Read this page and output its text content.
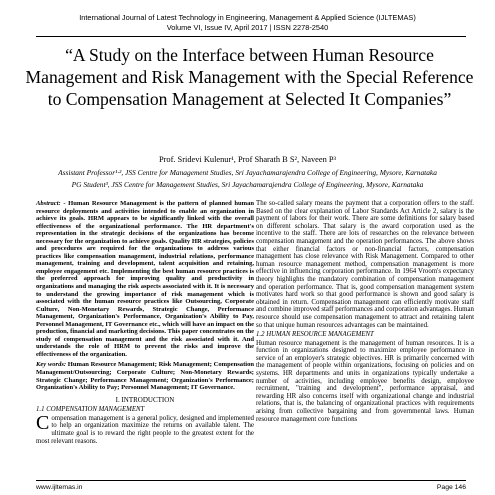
International Journal of Latest Technology in Engineering, Management & Applied Science (IJLTEMAS)
Volume VI, Issue IV, April 2017 | ISSN 2278-2540
“A Study on the Interface between Human Resource Management and Risk Management with the Special Reference to Compensation Management at Selected It Companies”
Prof. Sridevi Kulenur¹, Prof Sharath B S², Naveen P³
Assistant Professor¹·², JSS Centre for Management Studies, Sri Jayachamarajendra College of Engineering, Mysore, Karnataka
PG Student³, JSS Centre for Management Studies, Sri Jayachamarajendra College of Engineering, Mysore, Karnataka

Abstract: - Human Resource Management is the pattern of planned human resource deployments and activities intended to enable an organization in achieve its goals. HRM appears to be significantly linked with the overall effectiveness of the organizational performance. The HR department's representation in the strategic decisions of the organizations has become necessary for the organization to achieve goals. Quality HR strategies, policies and procedures are required for the organizations to address various practices like compensation management, industrial relations, performance management, training and development, talent acquisition and retaining, employee engagement etc. Implementing the best human resource practices is the preferred approach for improving quality and productivity in organizations and managing the risk aspects associated with it. It is necessary to understand the growing importance of risk management which is associated with the human resource practices like Outsourcing, Corporate Culture, Non-Monetary Rewards, Strategic Change, Performance Management, Organization's Performance, Organization's Ability to Pay, Personnel Management, IT Governance etc., which will have an impact on the production, financial and marketing decisions. This paper concentrates on the study of compensation management and the risk associated with it. And understands the role of HRM to prevent the risks and improve the effectiveness of the organization.

Key words: Human Resource Management; Risk Management; Compensation Management/Outsourcing; Corporate Culture; Non-Monetary Rewards; Strategic Change; Performance Management; Organization's Performance; Organization's Ability to Pay; Personnel Management; IT Governance.

I. INTRODUCTION
1.1 COMPENSATION MANAGEMENT

Compensation management is a general policy, designed and implemented to help an organization maximize the returns on available talent. The ultimate goal is to reward the right people to the greatest extent for the most relevant reasons.

The so-called salary means the payment that a corporation offers to the staff. Based on the clear explanation of Labor Standards Act Article 2, salary is the payment of labors for their work. There are some definitions for salary based on different scholars. That salary is the award corporation used as the incentive to the staff. There are lots of researches on the relevance between compensation management and the operation performances. The above shows that either financial factors or non-financial factors, compensation management has close relevance with Risk Management. Compared to other human resource management method, compensation management is more effective in influencing corporation performance. In 1964 Vroom's expectancy theory highlights the mandatory combination of compensation management and operation performance. That is, good compensation management system motivates hard work so that good performance is shown and good salary is obtained in return. Compensation management can efficiently motivate staff and combine improved staff performances and corporation advantages. Human resource should use compensation management to attract and retaining talent so that unique human resources advantages can be maintained.

1.2 HUMAN RESOURCE MANAGEMENT

Human resource management is the management of human resources. It is a function in organizations designed to maximize employee performance in service of an employer's strategic objectives. HR is primarily concerned with the management of people within organizations, focusing on policies and on systems. HR departments and units in organizations typically undertake a number of activities, including employee benefits design, employee recruitment, "training and development", performance appraisal, and rewarding HR also concerns itself with organizational change and industrial relations, that is, the balancing of organizational practices with requirements arising from collective bargaining and from governmental laws. Human resource management core functions

www.ijltemas.in	Page 146
